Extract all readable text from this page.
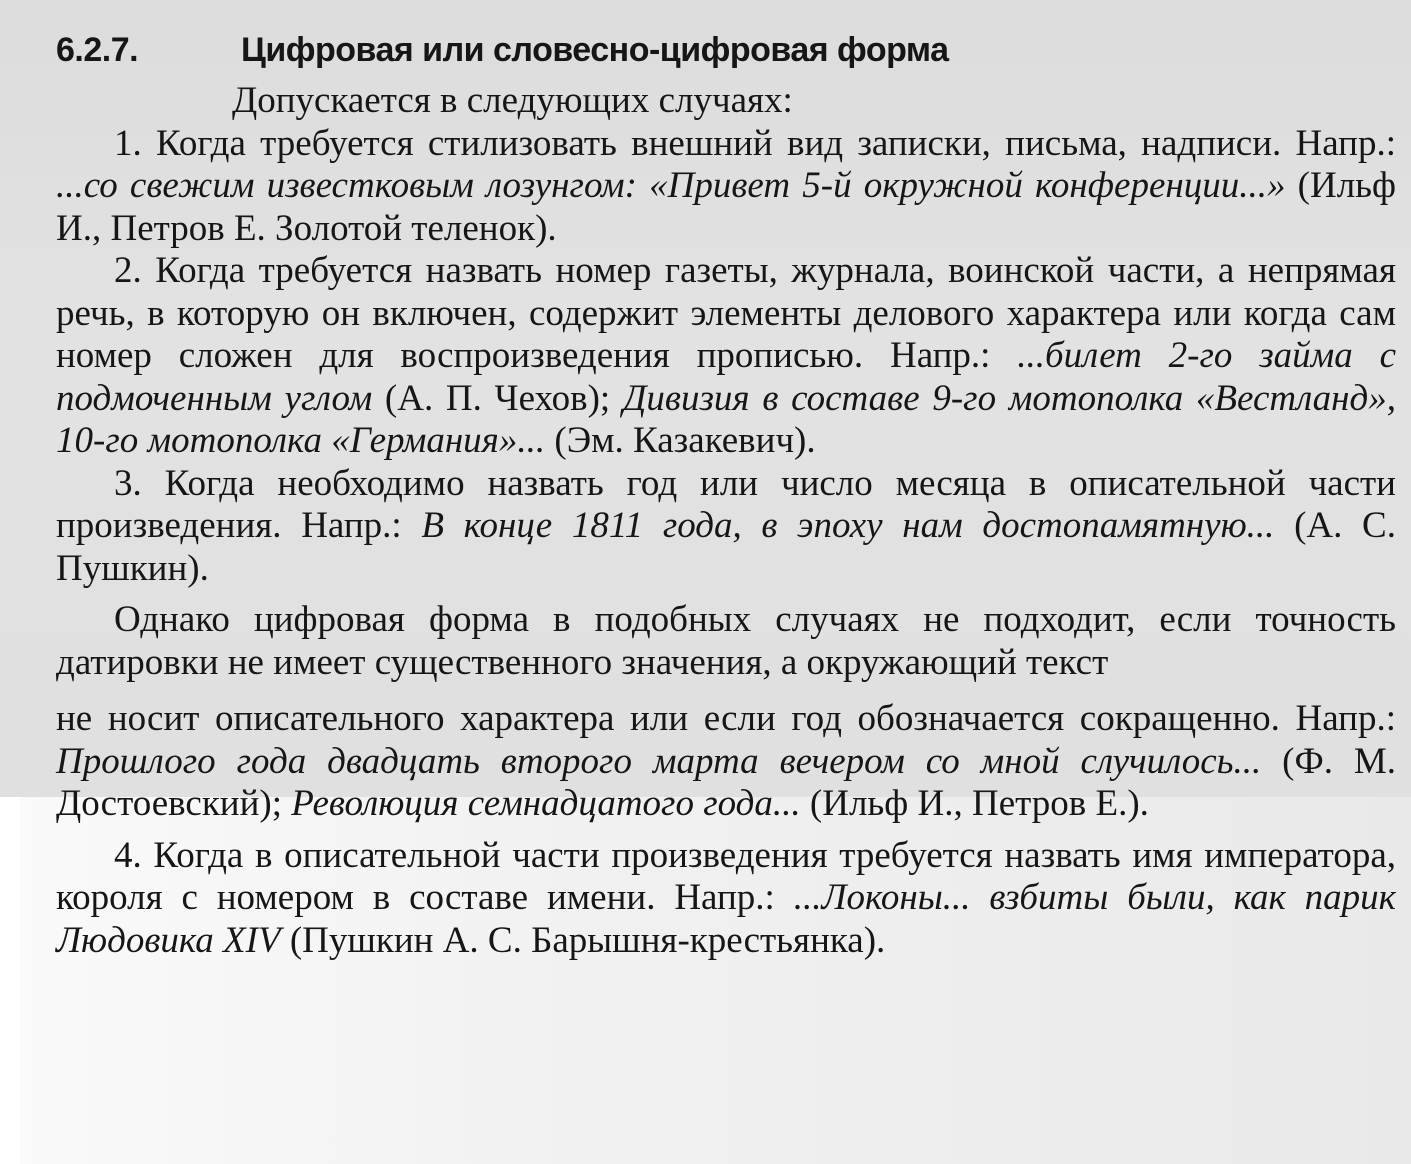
6.2.7.	Цифровая или словесно-цифровая форма

Допускается в следующих случаях:

1. Когда требуется стилизовать внешний вид записки, письма, надписи. Напр.: ...со свежим известковым лозунгом: «Привет 5-й окружной конференции...» (Ильф И., Петров Е. Золотой теленок).

2. Когда требуется назвать номер газеты, журнала, воинской части, а непрямая речь, в которую он включен, содержит элементы делового характера или когда сам номер сложен для воспроизведения прописью. Напр.: ...билет 2-го займа с подмоченным углом (А. П. Чехов); Дивизия в составе 9-го мотополка «Вестланд», 10-го мотополка «Германия»... (Эм. Казакевич).

3. Когда необходимо назвать год или число месяца в описательной части произведения. Напр.: В конце 1811 года, в эпоху нам достопамятную... (А. С. Пушкин).

Однако цифровая форма в подобных случаях не подходит, если точность датировки не имеет существенного значения, а окружающий текст

не носит описательного характера или если год обозначается сокращенно. Напр.: Прошлого года двадцать второго марта вечером со мной случилось... (Ф. М. Достоевский); Революция семнадцатого года... (Ильф И., Петров Е.).

4. Когда в описательной части произведения требуется назвать имя императора, короля с номером в составе имени. Напр.: ...Локоны... взбиты были, как парик Людовика XIV (Пушкин А. С. Барышня-крестьянка).
